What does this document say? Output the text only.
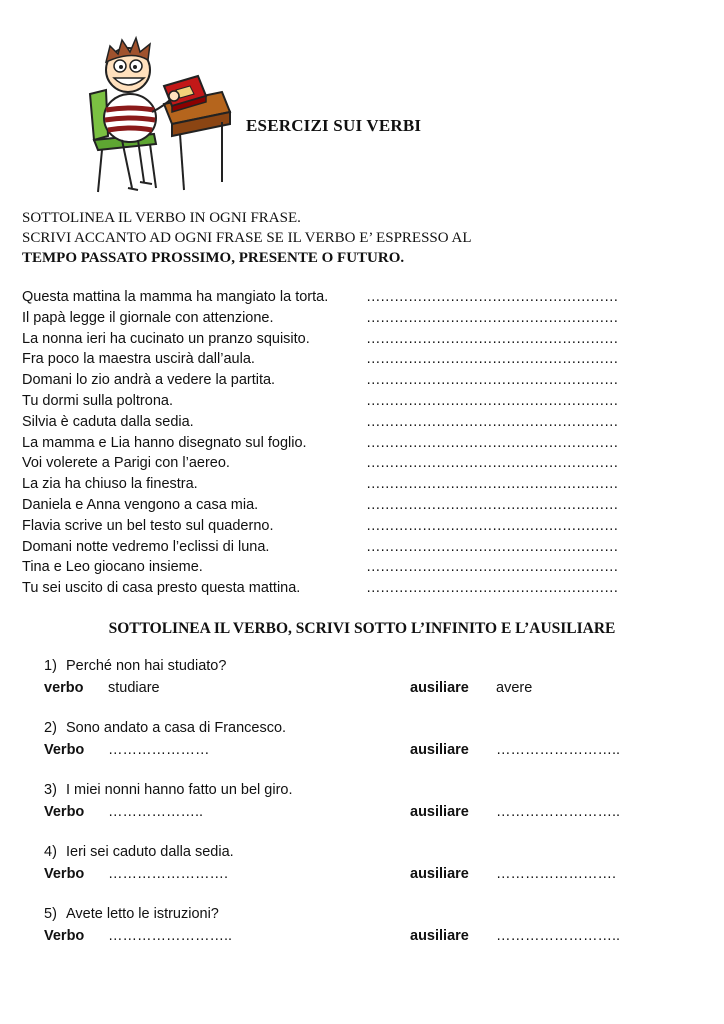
ESERCIZI SUI VERBI
SOTTOLINEA IL VERBO IN OGNI FRASE.
SCRIVI ACCANTO AD OGNI FRASE SE IL VERBO E’ ESPRESSO AL
TEMPO PASSATO PROSSIMO, PRESENTE O FUTURO.
Questa mattina la mamma ha mangiato la torta.	………………………………………………
Il papà legge il giornale con attenzione.	………………………………………………
La nonna ieri ha cucinato un pranzo squisito.	………………………………………………
Fra poco la maestra uscirà dall’aula.	………………………………………………
Domani lo zio andrà a vedere la partita.	………………………………………………
Tu dormi sulla poltrona.	………………………………………………
Silvia è caduta dalla sedia.	………………………………………………
La mamma e Lia hanno disegnato sul foglio.	………………………………………………
Voi volerete a Parigi con l’aereo.	………………………………………………
La zia ha chiuso la finestra.	………………………………………………
Daniela e Anna vengono a casa mia.	………………………………………………
Flavia scrive un bel testo sul quaderno.	………………………………………………
Domani notte vedremo l’eclissi di luna.	………………………………………………
Tina e Leo giocano insieme.	………………………………………………
Tu sei uscito di casa presto questa mattina.	………………………………………………
SOTTOLINEA IL VERBO, SCRIVI SOTTO L’INFINITO E L’AUSILIARE
1) Perché non hai studiato?
verbo studiare	ausiliare avere
2) Sono andato a casa di Francesco.
Verbo …………………	ausiliare ……………………..
3) I miei nonni hanno fatto un bel giro.
Verbo ………………..	ausiliare ……………………..
4) Ieri sei caduto dalla sedia.
Verbo …………………….	ausiliare …………………….
5) Avete letto le istruzioni?
Verbo ……………………..	ausiliare ……………………..
